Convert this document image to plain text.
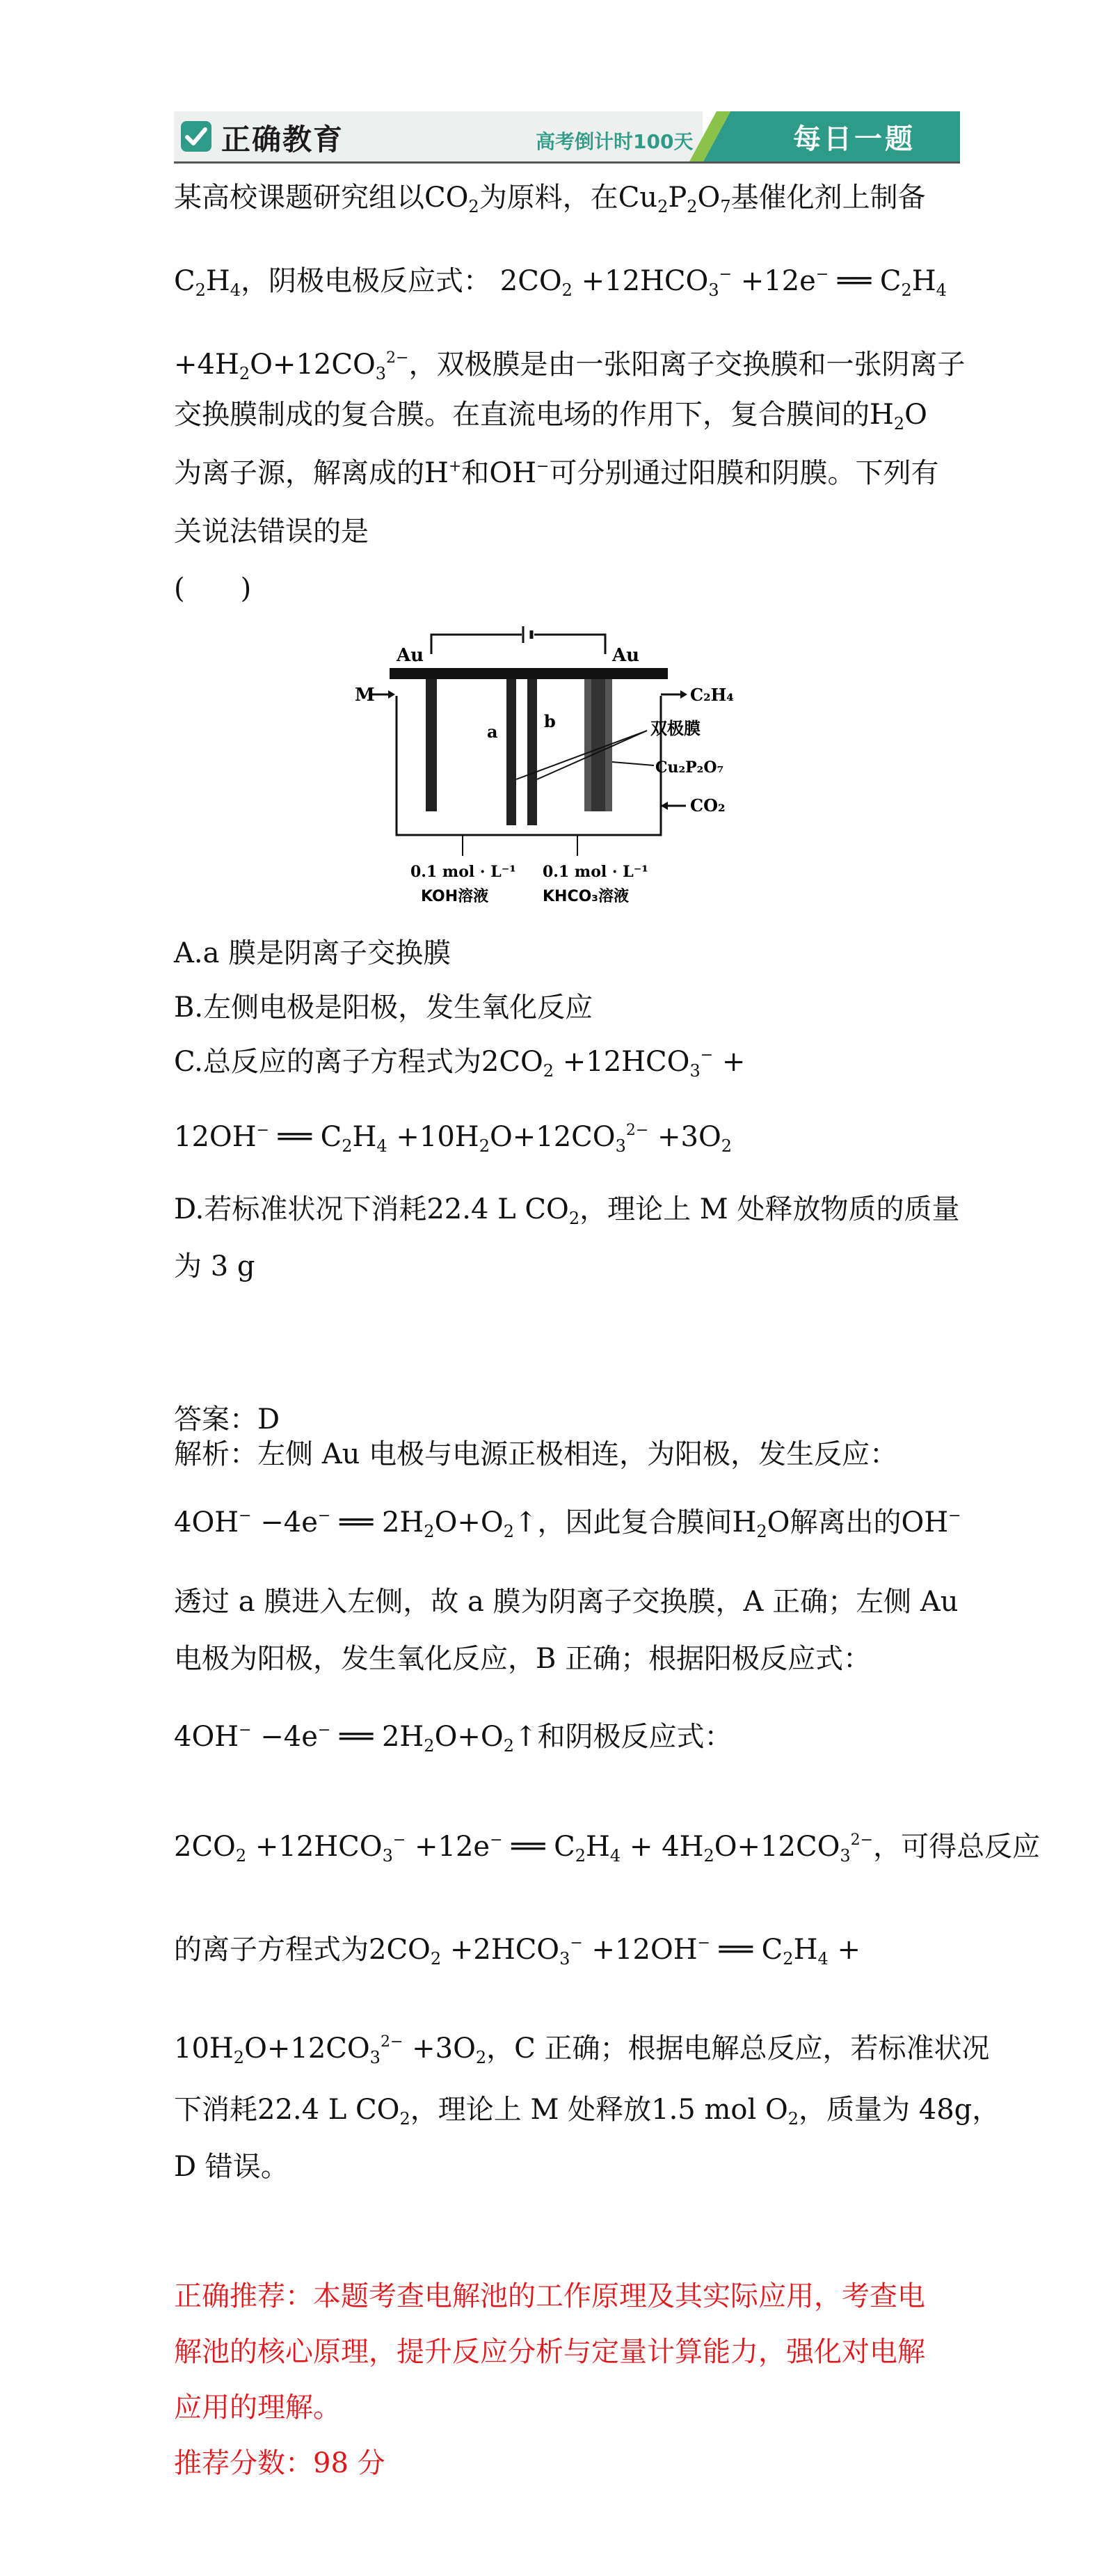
正确教育	高考倒计时100天	每日一题
某高校课题研究组以$CO_2$为原料，在$Cu_2P_2O_7$基催化剂上制备
$C_2H_4$，阴极电极反应式： $2CO_2 +12HCO_3^- +12e^-$ ══ $C_2H_4$
$+4H_2O+12CO_3^{2-}$，双极膜是由一张阳离子交换膜和一张阴离子
交换膜制成的复合膜。在直流电场的作用下，复合膜间的$H_2O$
为离子源，解离成的H+和OH−可分别通过阳膜和阴膜。下列有
关说法错误的是
(　　)
Au	Au
M	C₂H₄
a
b	双极膜
Cu₂P₂O₇
CO₂
0.1 mol · L⁻¹
KOH溶液
0.1 mol · L⁻¹
KHCO₃溶液
A.a 膜是阴离子交换膜
B.左侧电极是阳极，发生氧化反应
C.总反应的离子方程式为$2CO_2 +12HCO_3^-$ +
12OH− ══ $C_2H_4 +10H_2O+12CO_3^{2-} +3O_2$
D.若标准状况下消耗22.4 L $CO_2$，理论上 M 处释放物质的质量
为 3 g
答案：D
解析：左侧 Au 电极与电源正极相连，为阳极，发生反应：
4OH− −4e− ══ $2H_2O+O_2↑$，因此复合膜间$H_2O$解离出的OH−
透过 a 膜进入左侧，故 a 膜为阴离子交换膜，A 正确；左侧 Au
电极为阳极，发生氧化反应，B 正确；根据阳极反应式：
4OH− −4e− ══ $2H_2O+O_2↑$和阴极反应式：
$2CO_2 +12HCO_3^- +12e^-$ ══ $C_2H_4 + 4H_2O+12CO_3^{2-}$，可得总反应
的离子方程式为$2CO_2 +2HCO_3^- +12OH^-$ ══ $C_2H_4$ +
$10H_2O+12CO_3^{2-} +3O_2$，C 正确；根据电解总反应，若标准状况
下消耗22.4 L $CO_2$，理论上 M 处释放1.5 mol $O_2$，质量为 48g，
D 错误。
正确推荐：本题考查电解池的工作原理及其实际应用，考查电
解池的核心原理，提升反应分析与定量计算能力，强化对电解
应用的理解。
推荐分数：98 分
